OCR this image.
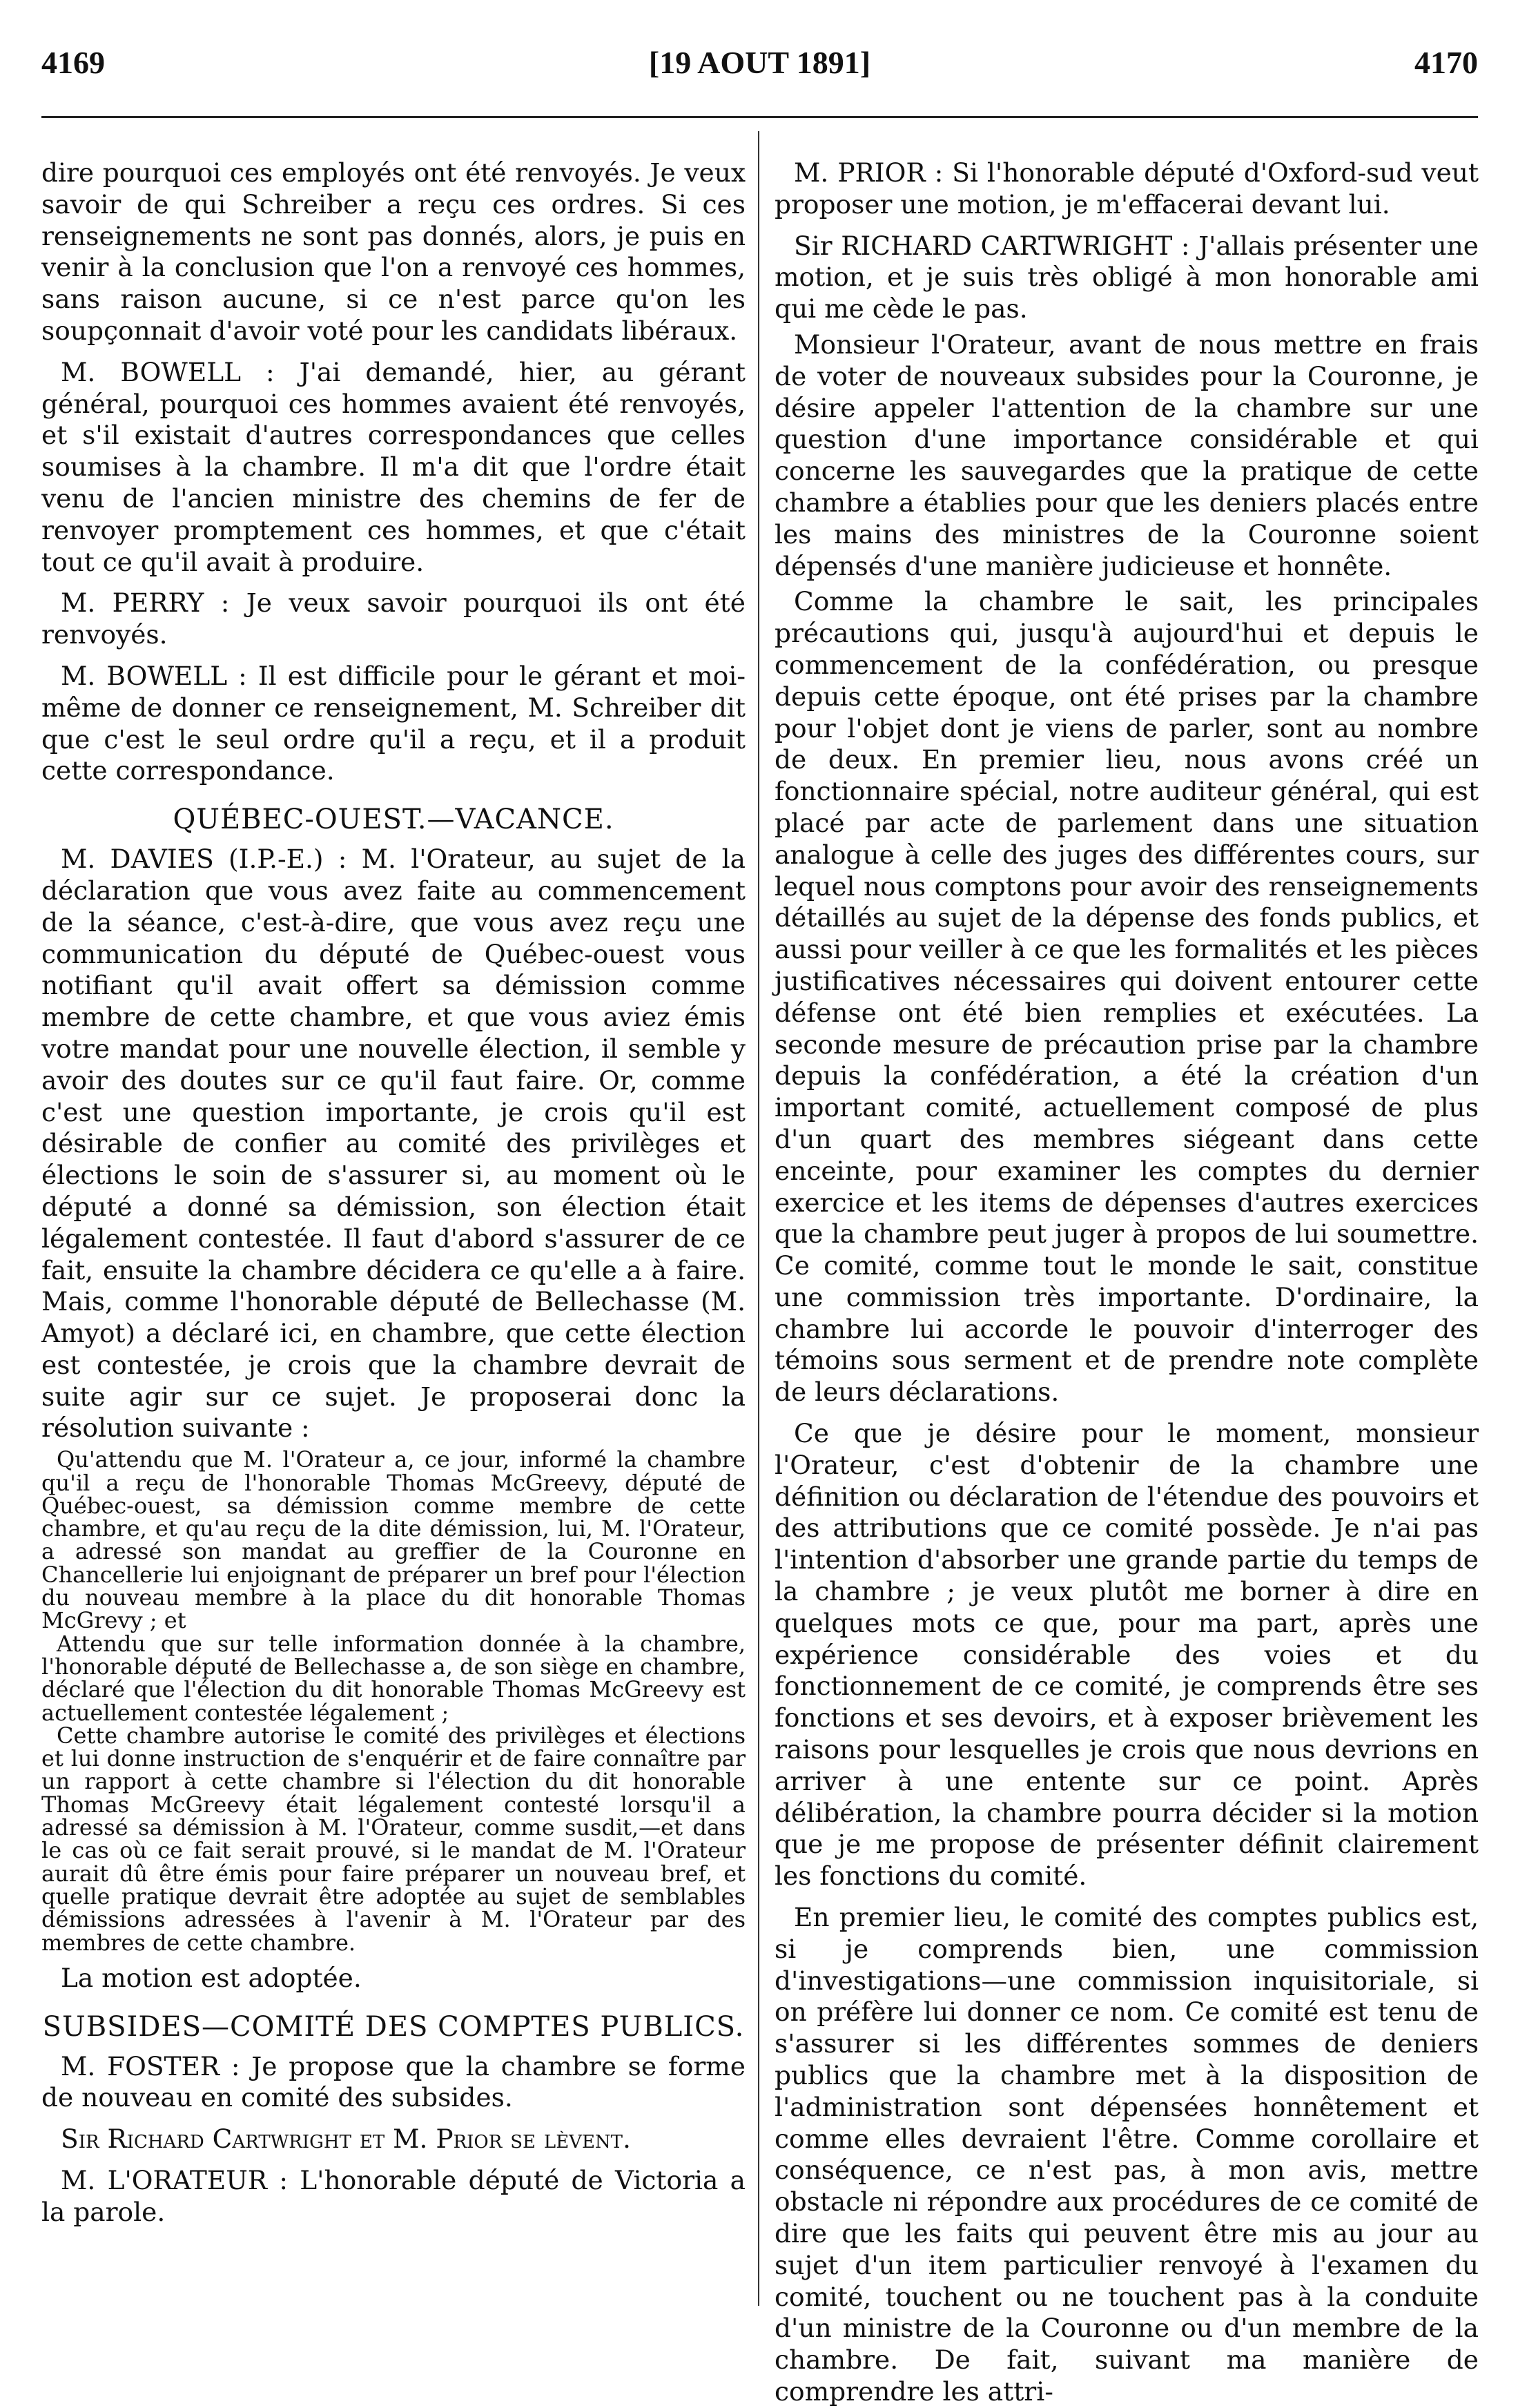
4169	[19 AOUT 1891]	4170

dire pourquoi ces employés ont été renvoyés. Je veux savoir de qui Schreiber a reçu ces ordres. Si ces renseignements ne sont pas donnés, alors, je puis en venir à la conclusion que l'on a renvoyé ces hommes, sans raison aucune, si ce n'est parce qu'on les soupçonnait d'avoir voté pour les candidats libéraux.

M. BOWELL : J'ai demandé, hier, au gérant général, pourquoi ces hommes avaient été renvoyés, et s'il existait d'autres correspondances que celles soumises à la chambre. Il m'a dit que l'ordre était venu de l'ancien ministre des chemins de fer de renvoyer promptement ces hommes, et que c'était tout ce qu'il avait à produire.

M. PERRY : Je veux savoir pourquoi ils ont été renvoyés.

M. BOWELL : Il est difficile pour le gérant et moi-même de donner ce renseignement, M. Schreiber dit que c'est le seul ordre qu'il a reçu, et il a produit cette correspondance.

QUÉBEC-OUEST.—VACANCE.

M. DAVIES (I.P.-E.) : M. l'Orateur, au sujet de la déclaration que vous avez faite au commencement de la séance, c'est-à-dire, que vous avez reçu une communication du député de Québec-ouest vous notifiant qu'il avait offert sa démission comme membre de cette chambre, et que vous aviez émis votre mandat pour une nouvelle élection, il semble y avoir des doutes sur ce qu'il faut faire. Or, comme c'est une question importante, je crois qu'il est désirable de confier au comité des privilèges et élections le soin de s'assurer si, au moment où le député a donné sa démission, son élection était légalement contestée. Il faut d'abord s'assurer de ce fait, ensuite la chambre décidera ce qu'elle a à faire. Mais, comme l'honorable député de Bellechasse (M. Amyot) a déclaré ici, en chambre, que cette élection est contestée, je crois que la chambre devrait de suite agir sur ce sujet. Je proposerai donc la résolution suivante :

Qu'attendu que M. l'Orateur a, ce jour, informé la chambre qu'il a reçu de l'honorable Thomas McGreevy, député de Québec-ouest, sa démission comme membre de cette chambre, et qu'au reçu de la dite démission, lui, M. l'Orateur, a adressé son mandat au greffier de la Couronne en Chancellerie lui enjoignant de préparer un bref pour l'élection du nouveau membre à la place du dit honorable Thomas McGrevy ; et

Attendu que sur telle information donnée à la chambre, l'honorable député de Bellechasse a, de son siège en chambre, déclaré que l'élection du dit honorable Thomas McGreevy est actuellement contestée légalement ;

Cette chambre autorise le comité des privilèges et élections et lui donne instruction de s'enquérir et de faire connaître par un rapport à cette chambre si l'élection du dit honorable Thomas McGreevy était légalement contesté lorsqu'il a adressé sa démission à M. l'Orateur, comme susdit,—et dans le cas où ce fait serait prouvé, si le mandat de M. l'Orateur aurait dû être émis pour faire préparer un nouveau bref, et quelle pratique devrait être adoptée au sujet de semblables démissions adressées à l'avenir à M. l'Orateur par des membres de cette chambre.

La motion est adoptée.

SUBSIDES—COMITÉ DES COMPTES PUBLICS.

M. FOSTER : Je propose que la chambre se forme de nouveau en comité des subsides.

Sir Richard Cartwright et M. Prior se lèvent.

M. L'ORATEUR : L'honorable député de Victoria a la parole.

M. PRIOR : Si l'honorable député d'Oxford-sud veut proposer une motion, je m'effacerai devant lui.

Sir RICHARD CARTWRIGHT : J'allais présenter une motion, et je suis très obligé à mon honorable ami qui me cède le pas.

Monsieur l'Orateur, avant de nous mettre en frais de voter de nouveaux subsides pour la Couronne, je désire appeler l'attention de la chambre sur une question d'une importance considérable et qui concerne les sauvegardes que la pratique de cette chambre a établies pour que les deniers placés entre les mains des ministres de la Couronne soient dépensés d'une manière judicieuse et honnête.

Comme la chambre le sait, les principales précautions qui, jusqu'à aujourd'hui et depuis le commencement de la confédération, ou presque depuis cette époque, ont été prises par la chambre pour l'objet dont je viens de parler, sont au nombre de deux. En premier lieu, nous avons créé un fonctionnaire spécial, notre auditeur général, qui est placé par acte de parlement dans une situation analogue à celle des juges des différentes cours, sur lequel nous comptons pour avoir des renseignements détaillés au sujet de la dépense des fonds publics, et aussi pour veiller à ce que les formalités et les pièces justificatives nécessaires qui doivent entourer cette défense ont été bien remplies et exécutées. La seconde mesure de précaution prise par la chambre depuis la confédération, a été la création d'un important comité, actuellement composé de plus d'un quart des membres siégeant dans cette enceinte, pour examiner les comptes du dernier exercice et les items de dépenses d'autres exercices que la chambre peut juger à propos de lui soumettre. Ce comité, comme tout le monde le sait, constitue une commission très importante. D'ordinaire, la chambre lui accorde le pouvoir d'interroger des témoins sous serment et de prendre note complète de leurs déclarations.

Ce que je désire pour le moment, monsieur l'Orateur, c'est d'obtenir de la chambre une définition ou déclaration de l'étendue des pouvoirs et des attributions que ce comité possède. Je n'ai pas l'intention d'absorber une grande partie du temps de la chambre ; je veux plutôt me borner à dire en quelques mots ce que, pour ma part, après une expérience considérable des voies et du fonctionnement de ce comité, je comprends être ses fonctions et ses devoirs, et à exposer brièvement les raisons pour lesquelles je crois que nous devrions en arriver à une entente sur ce point. Après délibération, la chambre pourra décider si la motion que je me propose de présenter définit clairement les fonctions du comité.

En premier lieu, le comité des comptes publics est, si je comprends bien, une commission d'investigations—une commission inquisitoriale, si on préfère lui donner ce nom. Ce comité est tenu de s'assurer si les différentes sommes de deniers publics que la chambre met à la disposition de l'administration sont dépensées honnêtement et comme elles devraient l'être. Comme corollaire et conséquence, ce n'est pas, à mon avis, mettre obstacle ni répondre aux procédures de ce comité de dire que les faits qui peuvent être mis au jour au sujet d'un item particulier renvoyé à l'examen du comité, touchent ou ne touchent pas à la conduite d'un ministre de la Couronne ou d'un membre de la chambre. De fait, suivant ma manière de comprendre les attri-
